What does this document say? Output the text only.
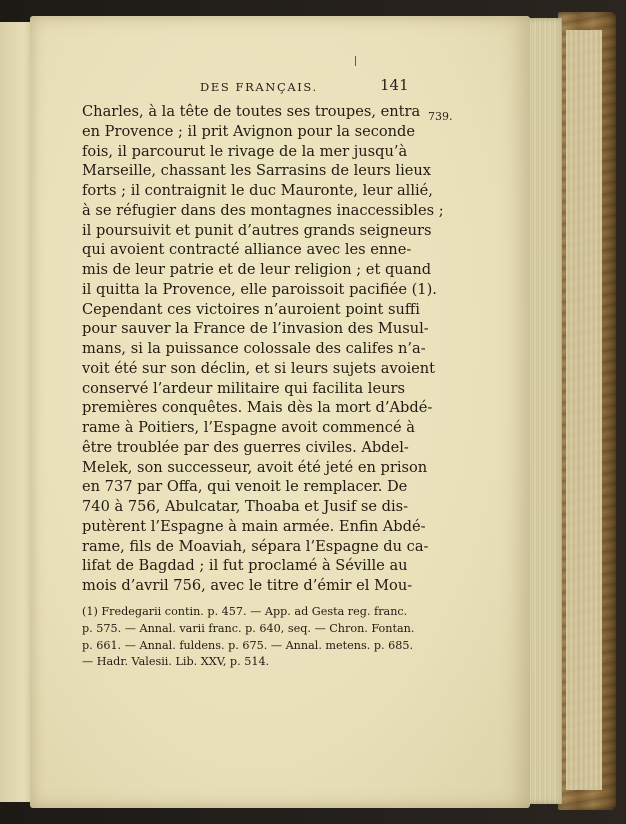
DES FRANÇAIS.	141
739.
Charles, à la tête de toutes ses troupes, entra
en Provence ; il prit Avignon pour la seconde
fois, il parcourut le rivage de la mer jusqu’à
Marseille, chassant les Sarrasins de leurs lieux
forts ; il contraignit le duc Mauronte, leur allié,
à se réfugier dans des montagnes inaccessibles ;
il poursuivit et punit d’autres grands seigneurs
qui avoient contracté alliance avec les enne-
mis de leur patrie et de leur religion ; et quand
il quitta la Provence, elle paroissoit pacifiée (1).
Cependant ces victoires n’auroient point suffi
pour sauver la France de l’invasion des Musul-
mans, si la puissance colossale des califes n’a-
voit été sur son déclin, et si leurs sujets avoient
conservé l’ardeur militaire qui facilita leurs
premières conquêtes. Mais dès la mort d’Abdé-
rame à Poitiers, l’Espagne avoit commencé à
être troublée par des guerres civiles. Abdel-
Melek, son successeur, avoit été jeté en prison
en 737 par Offa, qui venoit le remplacer. De
740 à 756, Abulcatar, Thoaba et Jusif se dis-
putèrent l’Espagne à main armée. Enfin Abdé-
rame, fils de Moaviah, sépara l’Espagne du ca-
lifat de Bagdad ; il fut proclamé à Séville au
mois d’avril 756, avec le titre d’émir el Mou-
(1) Fredegarii contin. p. 457. — App. ad Gesta reg. franc.
p. 575. — Annal. varii franc. p. 640, seq. — Chron. Fontan.
p. 661. — Annal. fuldens. p. 675. — Annal. metens. p. 685.
— Hadr. Valesii. Lib. XXV, p. 514.
